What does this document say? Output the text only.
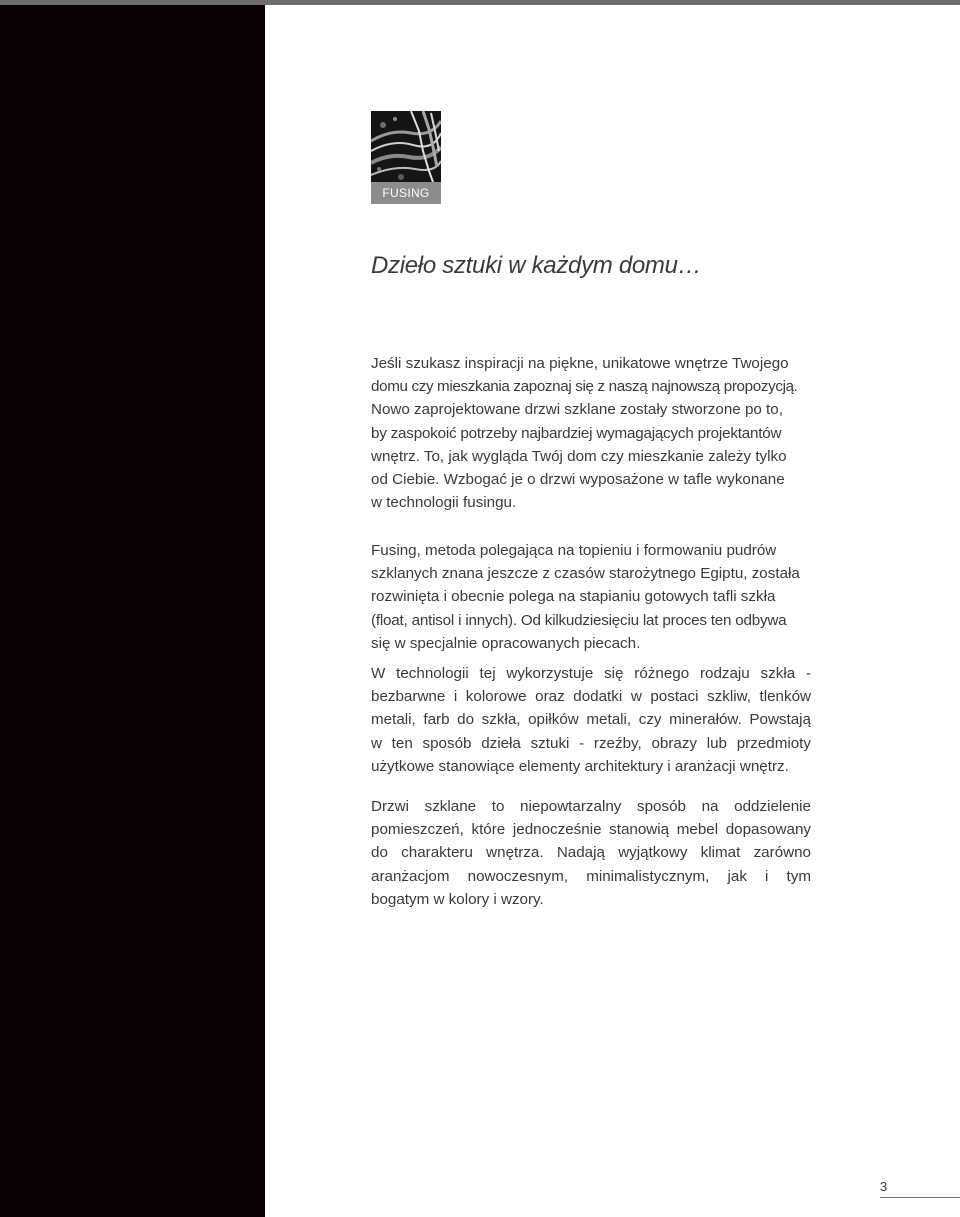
FUSING
Dzieło sztuki w każdym domu…

Jeśli szukasz inspiracji na piękne, unikatowe wnętrze Twojego
domu czy mieszkania zapoznaj się z naszą najnowszą propozycją.
Nowo zaprojektowane drzwi szklane zostały stworzone po to,
by zaspokoić potrzeby najbardziej wymagających projektantów
wnętrz. To, jak wygląda Twój dom czy mieszkanie zależy tylko
od Ciebie. Wzbogać je o drzwi wyposażone w tafle wykonane
w technologii fusingu.

Fusing, metoda polegająca na topieniu i formowaniu pudrów
szklanych znana jeszcze z czasów starożytnego Egiptu, została
rozwinięta i obecnie polega na stapianiu gotowych tafli szkła
(float, antisol i innych). Od kilkudziesięciu lat proces ten odbywa
się w specjalnie opracowanych piecach.

W technologii tej wykorzystuje się różnego rodzaju szkła -
bezbarwne i kolorowe oraz dodatki w postaci szkliw, tlenków
metali, farb do szkła, opiłków metali, czy minerałów. Powstają
w ten sposób dzieła sztuki - rzeźby, obrazy lub przedmioty
użytkowe stanowiące elementy architektury i aranżacji wnętrz.

Drzwi szklane to niepowtarzalny sposób na oddzielenie
pomieszczeń, które jednocześnie stanowią mebel dopasowany
do charakteru wnętrza. Nadają wyjątkowy klimat zarówno
aranżacjom nowoczesnym, minimalistycznym, jak i tym
bogatym w kolory i wzory.

3
